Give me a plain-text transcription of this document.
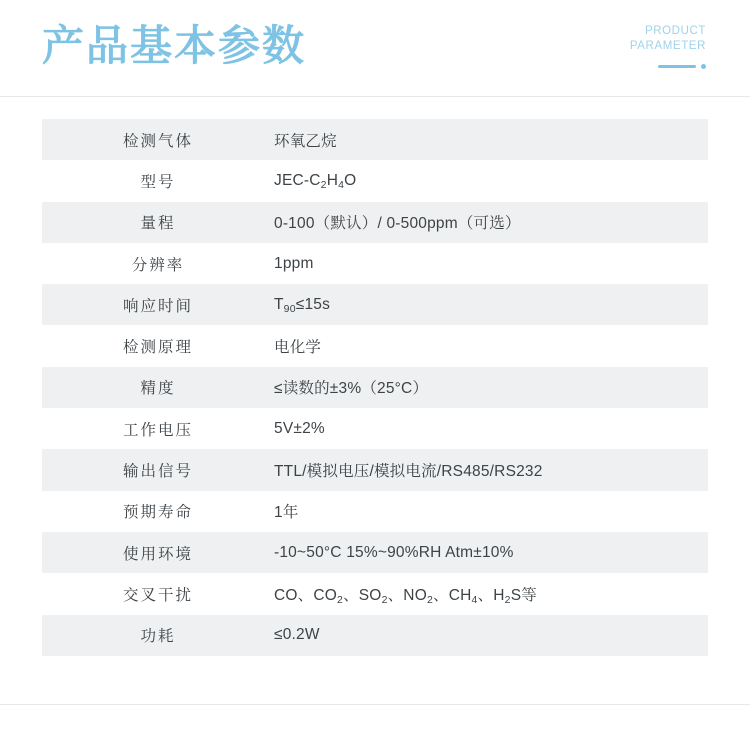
产品基本参数	PRODUCT
PARAMETER
检测气体	环氧乙烷
型号	JEC-$C_2H_4O$
量程	0-100（默认）/ 0-500ppm（可选）
分辨率	1ppm
响应时间	$T_{90}\le 15s$
检测原理	电化学
精度	≤读数的±3%（25°C）
工作电压	5V±2%
输出信号	TTL/模拟电压/模拟电流/RS485/RS232
预期寿命	1年
使用环境	-10~50°C 15%~90%RH Atm±10%
交叉干扰	CO、$CO_2$、$SO_2$、$NO_2$、$CH_4$、$H_2S$等
功耗	≤0.2W
